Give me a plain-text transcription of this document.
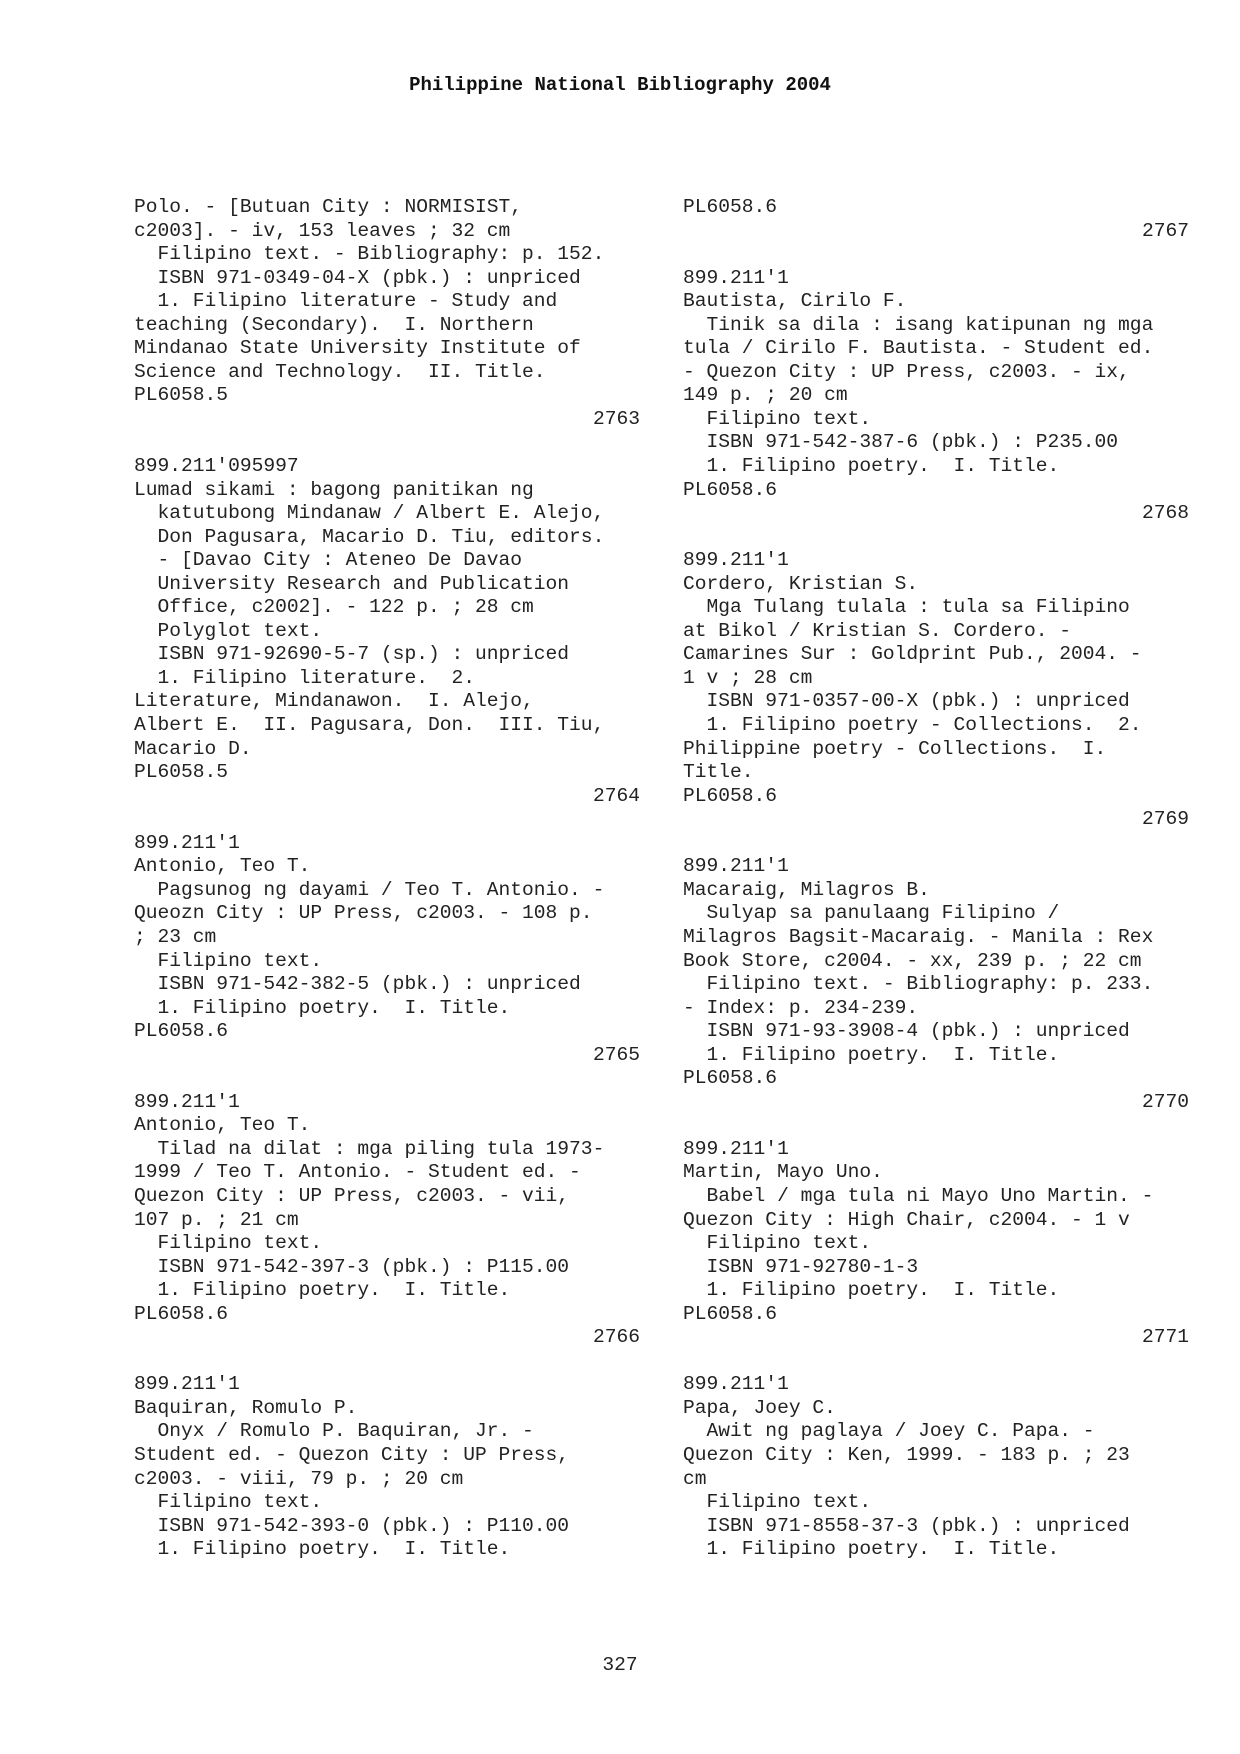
Philippine National Bibliography 2004
Polo. - [Butuan City : NORMISIST,
c2003]. - iv, 153 leaves ; 32 cm
Filipino text. - Bibliography: p. 152.
ISBN 971-0349-04-X (pbk.) : unpriced
1. Filipino literature - Study and
teaching (Secondary).  I. Northern
Mindanao State University Institute of
Science and Technology.  II. Title.
PL6058.5
2763
899.211'095997
Lumad sikami : bagong panitikan ng
katutubong Mindanaw / Albert E. Alejo,
Don Pagusara, Macario D. Tiu, editors.
- [Davao City : Ateneo De Davao
University Research and Publication
Office, c2002]. - 122 p. ; 28 cm
Polyglot text.
ISBN 971-92690-5-7 (sp.) : unpriced
1. Filipino literature.  2.
Literature, Mindanawon.  I. Alejo,
Albert E.  II. Pagusara, Don.  III. Tiu,
Macario D.
PL6058.5
2764
899.211'1
Antonio, Teo T.
Pagsunog ng dayami / Teo T. Antonio. -
Queozn City : UP Press, c2003. - 108 p.
; 23 cm
Filipino text.
ISBN 971-542-382-5 (pbk.) : unpriced
1. Filipino poetry.  I. Title.
PL6058.6
2765
899.211'1
Antonio, Teo T.
Tilad na dilat : mga piling tula 1973-
1999 / Teo T. Antonio. - Student ed. -
Quezon City : UP Press, c2003. - vii,
107 p. ; 21 cm
Filipino text.
ISBN 971-542-397-3 (pbk.) : P115.00
1. Filipino poetry.  I. Title.
PL6058.6
2766
899.211'1
Baquiran, Romulo P.
Onyx / Romulo P. Baquiran, Jr. -
Student ed. - Quezon City : UP Press,
c2003. - viii, 79 p. ; 20 cm
Filipino text.
ISBN 971-542-393-0 (pbk.) : P110.00
1. Filipino poetry.  I. Title.
PL6058.6
2767
899.211'1
Bautista, Cirilo F.
Tinik sa dila : isang katipunan ng mga
tula / Cirilo F. Bautista. - Student ed.
- Quezon City : UP Press, c2003. - ix,
149 p. ; 20 cm
Filipino text.
ISBN 971-542-387-6 (pbk.) : P235.00
1. Filipino poetry.  I. Title.
PL6058.6
2768
899.211'1
Cordero, Kristian S.
Mga Tulang tulala : tula sa Filipino
at Bikol / Kristian S. Cordero. -
Camarines Sur : Goldprint Pub., 2004. -
1 v ; 28 cm
ISBN 971-0357-00-X (pbk.) : unpriced
1. Filipino poetry - Collections.  2.
Philippine poetry - Collections.  I.
Title.
PL6058.6
2769
899.211'1
Macaraig, Milagros B.
Sulyap sa panulaang Filipino /
Milagros Bagsit-Macaraig. - Manila : Rex
Book Store, c2004. - xx, 239 p. ; 22 cm
Filipino text. - Bibliography: p. 233.
- Index: p. 234-239.
ISBN 971-93-3908-4 (pbk.) : unpriced
1. Filipino poetry.  I. Title.
PL6058.6
2770
899.211'1
Martin, Mayo Uno.
Babel / mga tula ni Mayo Uno Martin. -
Quezon City : High Chair, c2004. - 1 v
Filipino text.
ISBN 971-92780-1-3
1. Filipino poetry.  I. Title.
PL6058.6
2771
899.211'1
Papa, Joey C.
Awit ng paglaya / Joey C. Papa. -
Quezon City : Ken, 1999. - 183 p. ; 23
cm
Filipino text.
ISBN 971-8558-37-3 (pbk.) : unpriced
1. Filipino poetry.  I. Title.
327
